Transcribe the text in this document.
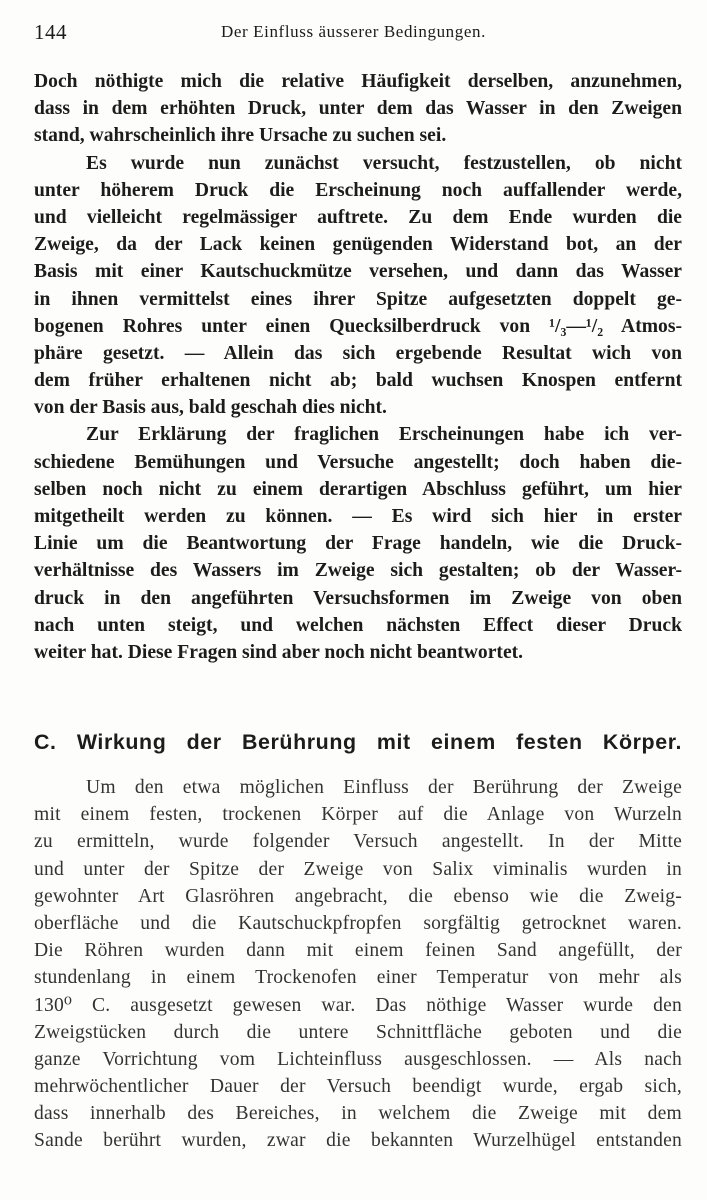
144	Der Einfluss äusserer Bedingungen.
Doch nöthigte mich die relative Häufigkeit derselben, anzunehmen,
dass in dem erhöhten Druck, unter dem das Wasser in den Zweigen
stand, wahrscheinlich ihre Ursache zu suchen sei.
Es wurde nun zunächst versucht, festzustellen, ob nicht
unter höherem Druck die Erscheinung noch auffallender werde,
und vielleicht regelmässiger auftrete. Zu dem Ende wurden die
Zweige, da der Lack keinen genügenden Widerstand bot, an der
Basis mit einer Kautschuckmütze versehen, und dann das Wasser
in ihnen vermittelst eines ihrer Spitze aufgesetzten doppelt ge-
bogenen Rohres unter einen Quecksilberdruck von ¹/₃—¹/₂ Atmos-
phäre gesetzt. — Allein das sich ergebende Resultat wich von
dem früher erhaltenen nicht ab; bald wuchsen Knospen entfernt
von der Basis aus, bald geschah dies nicht.
Zur Erklärung der fraglichen Erscheinungen habe ich ver-
schiedene Bemühungen und Versuche angestellt; doch haben die-
selben noch nicht zu einem derartigen Abschluss geführt, um hier
mitgetheilt werden zu können. — Es wird sich hier in erster
Linie um die Beantwortung der Frage handeln, wie die Druck-
verhältnisse des Wassers im Zweige sich gestalten; ob der Wasser-
druck in den angeführten Versuchsformen im Zweige von oben
nach unten steigt, und welchen nächsten Effect dieser Druck
weiter hat. Diese Fragen sind aber noch nicht beantwortet.
C. Wirkung der Berührung mit einem festen Körper.
Um den etwa möglichen Einfluss der Berührung der Zweige
mit einem festen, trockenen Körper auf die Anlage von Wurzeln
zu ermitteln, wurde folgender Versuch angestellt. In der Mitte
und unter der Spitze der Zweige von Salix viminalis wurden in
gewohnter Art Glasröhren angebracht, die ebenso wie die Zweig-
oberfläche und die Kautschuckpfropfen sorgfältig getrocknet waren.
Die Röhren wurden dann mit einem feinen Sand angefüllt, der
stundenlang in einem Trockenofen einer Temperatur von mehr als
130⁰ C. ausgesetzt gewesen war. Das nöthige Wasser wurde den
Zweigstücken durch die untere Schnittfläche geboten und die
ganze Vorrichtung vom Lichteinfluss ausgeschlossen. — Als nach
mehrwöchentlicher Dauer der Versuch beendigt wurde, ergab sich,
dass innerhalb des Bereiches, in welchem die Zweige mit dem
Sande berührt wurden, zwar die bekannten Wurzelhügel entstanden
